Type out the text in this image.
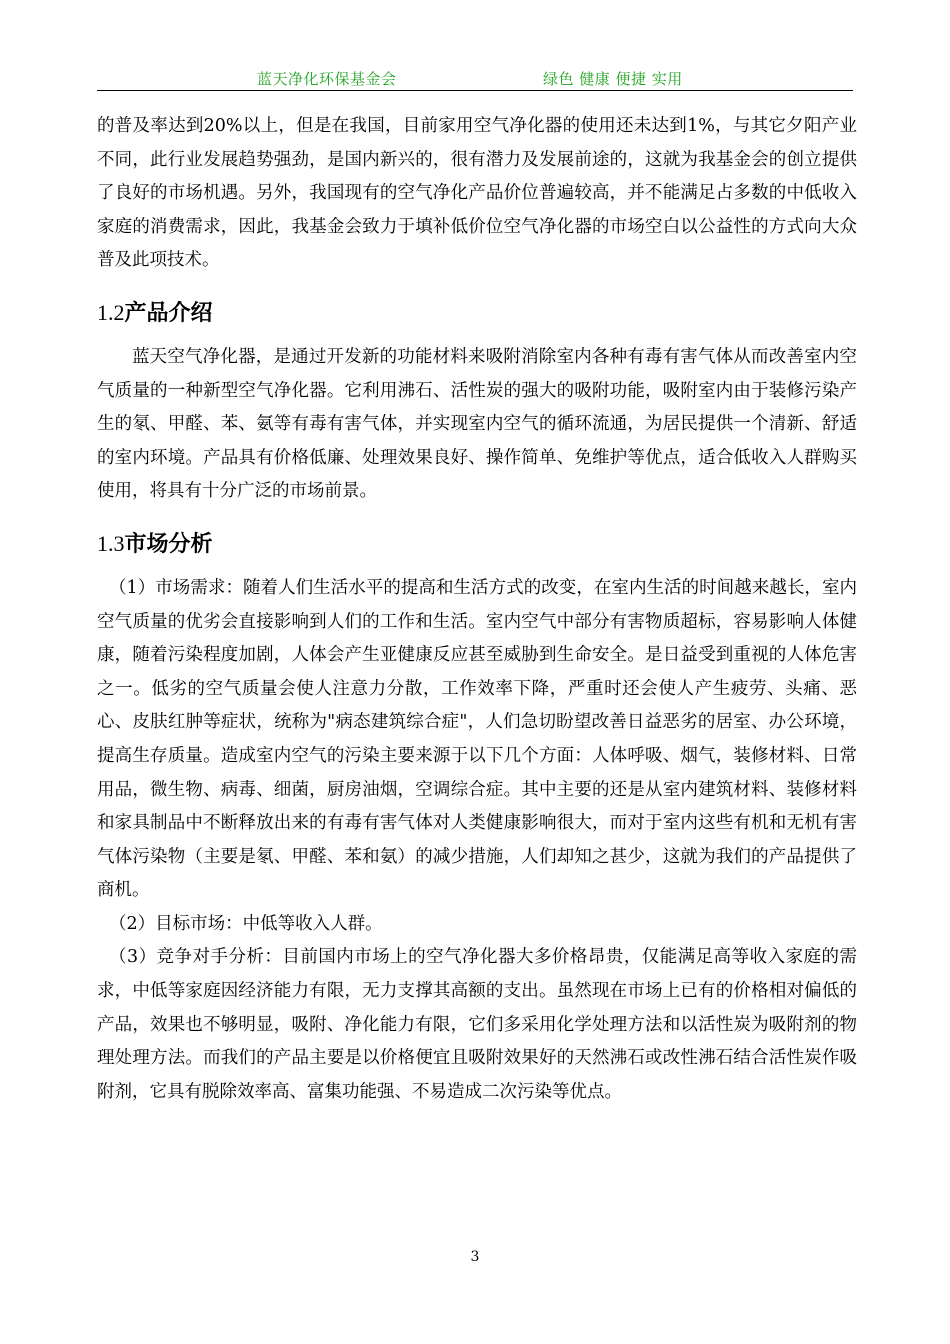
蓝天净化环保基金会	绿色 健康 便捷 实用

的普及率达到20%以上，但是在我国，目前家用空气净化器的使用还未达到1%，与其它夕阳产业不同，此行业发展趋势强劲，是国内新兴的，很有潜力及发展前途的，这就为我基金会的创立提供了良好的市场机遇。另外，我国现有的空气净化产品价位普遍较高，并不能满足占多数的中低收入家庭的消费需求，因此，我基金会致力于填补低价位空气净化器的市场空白以公益性的方式向大众普及此项技术。

1.2产品介绍

蓝天空气净化器，是通过开发新的功能材料来吸附消除室内各种有毒有害气体从而改善室内空气质量的一种新型空气净化器。它利用沸石、活性炭的强大的吸附功能，吸附室内由于装修污染产生的氡、甲醛、苯、氨等有毒有害气体，并实现室内空气的循环流通，为居民提供一个清新、舒适的室内环境。产品具有价格低廉、处理效果良好、操作简单、免维护等优点，适合低收入人群购买使用，将具有十分广泛的市场前景。

1.3市场分析

（1）市场需求：随着人们生活水平的提高和生活方式的改变，在室内生活的时间越来越长，室内空气质量的优劣会直接影响到人们的工作和生活。室内空气中部分有害物质超标，容易影响人体健康，随着污染程度加剧，人体会产生亚健康反应甚至威胁到生命安全。是日益受到重视的人体危害之一。低劣的空气质量会使人注意力分散，工作效率下降，严重时还会使人产生疲劳、头痛、恶心、皮肤红肿等症状，统称为"病态建筑综合症"，人们急切盼望改善日益恶劣的居室、办公环境，提高生存质量。造成室内空气的污染主要来源于以下几个方面：人体呼吸、烟气，装修材料、日常用品，微生物、病毒、细菌，厨房油烟，空调综合症。其中主要的还是从室内建筑材料、装修材料和家具制品中不断释放出来的有毒有害气体对人类健康影响很大，而对于室内这些有机和无机有害气体污染物（主要是氡、甲醛、苯和氨）的减少措施，人们却知之甚少，这就为我们的产品提供了商机。

（2）目标市场：中低等收入人群。

（3）竞争对手分析：目前国内市场上的空气净化器大多价格昂贵，仅能满足高等收入家庭的需求，中低等家庭因经济能力有限，无力支撑其高额的支出。虽然现在市场上已有的价格相对偏低的产品，效果也不够明显，吸附、净化能力有限，它们多采用化学处理方法和以活性炭为吸附剂的物理处理方法。而我们的产品主要是以价格便宜且吸附效果好的天然沸石或改性沸石结合活性炭作吸附剂，它具有脱除效率高、富集功能强、不易造成二次污染等优点。

3
